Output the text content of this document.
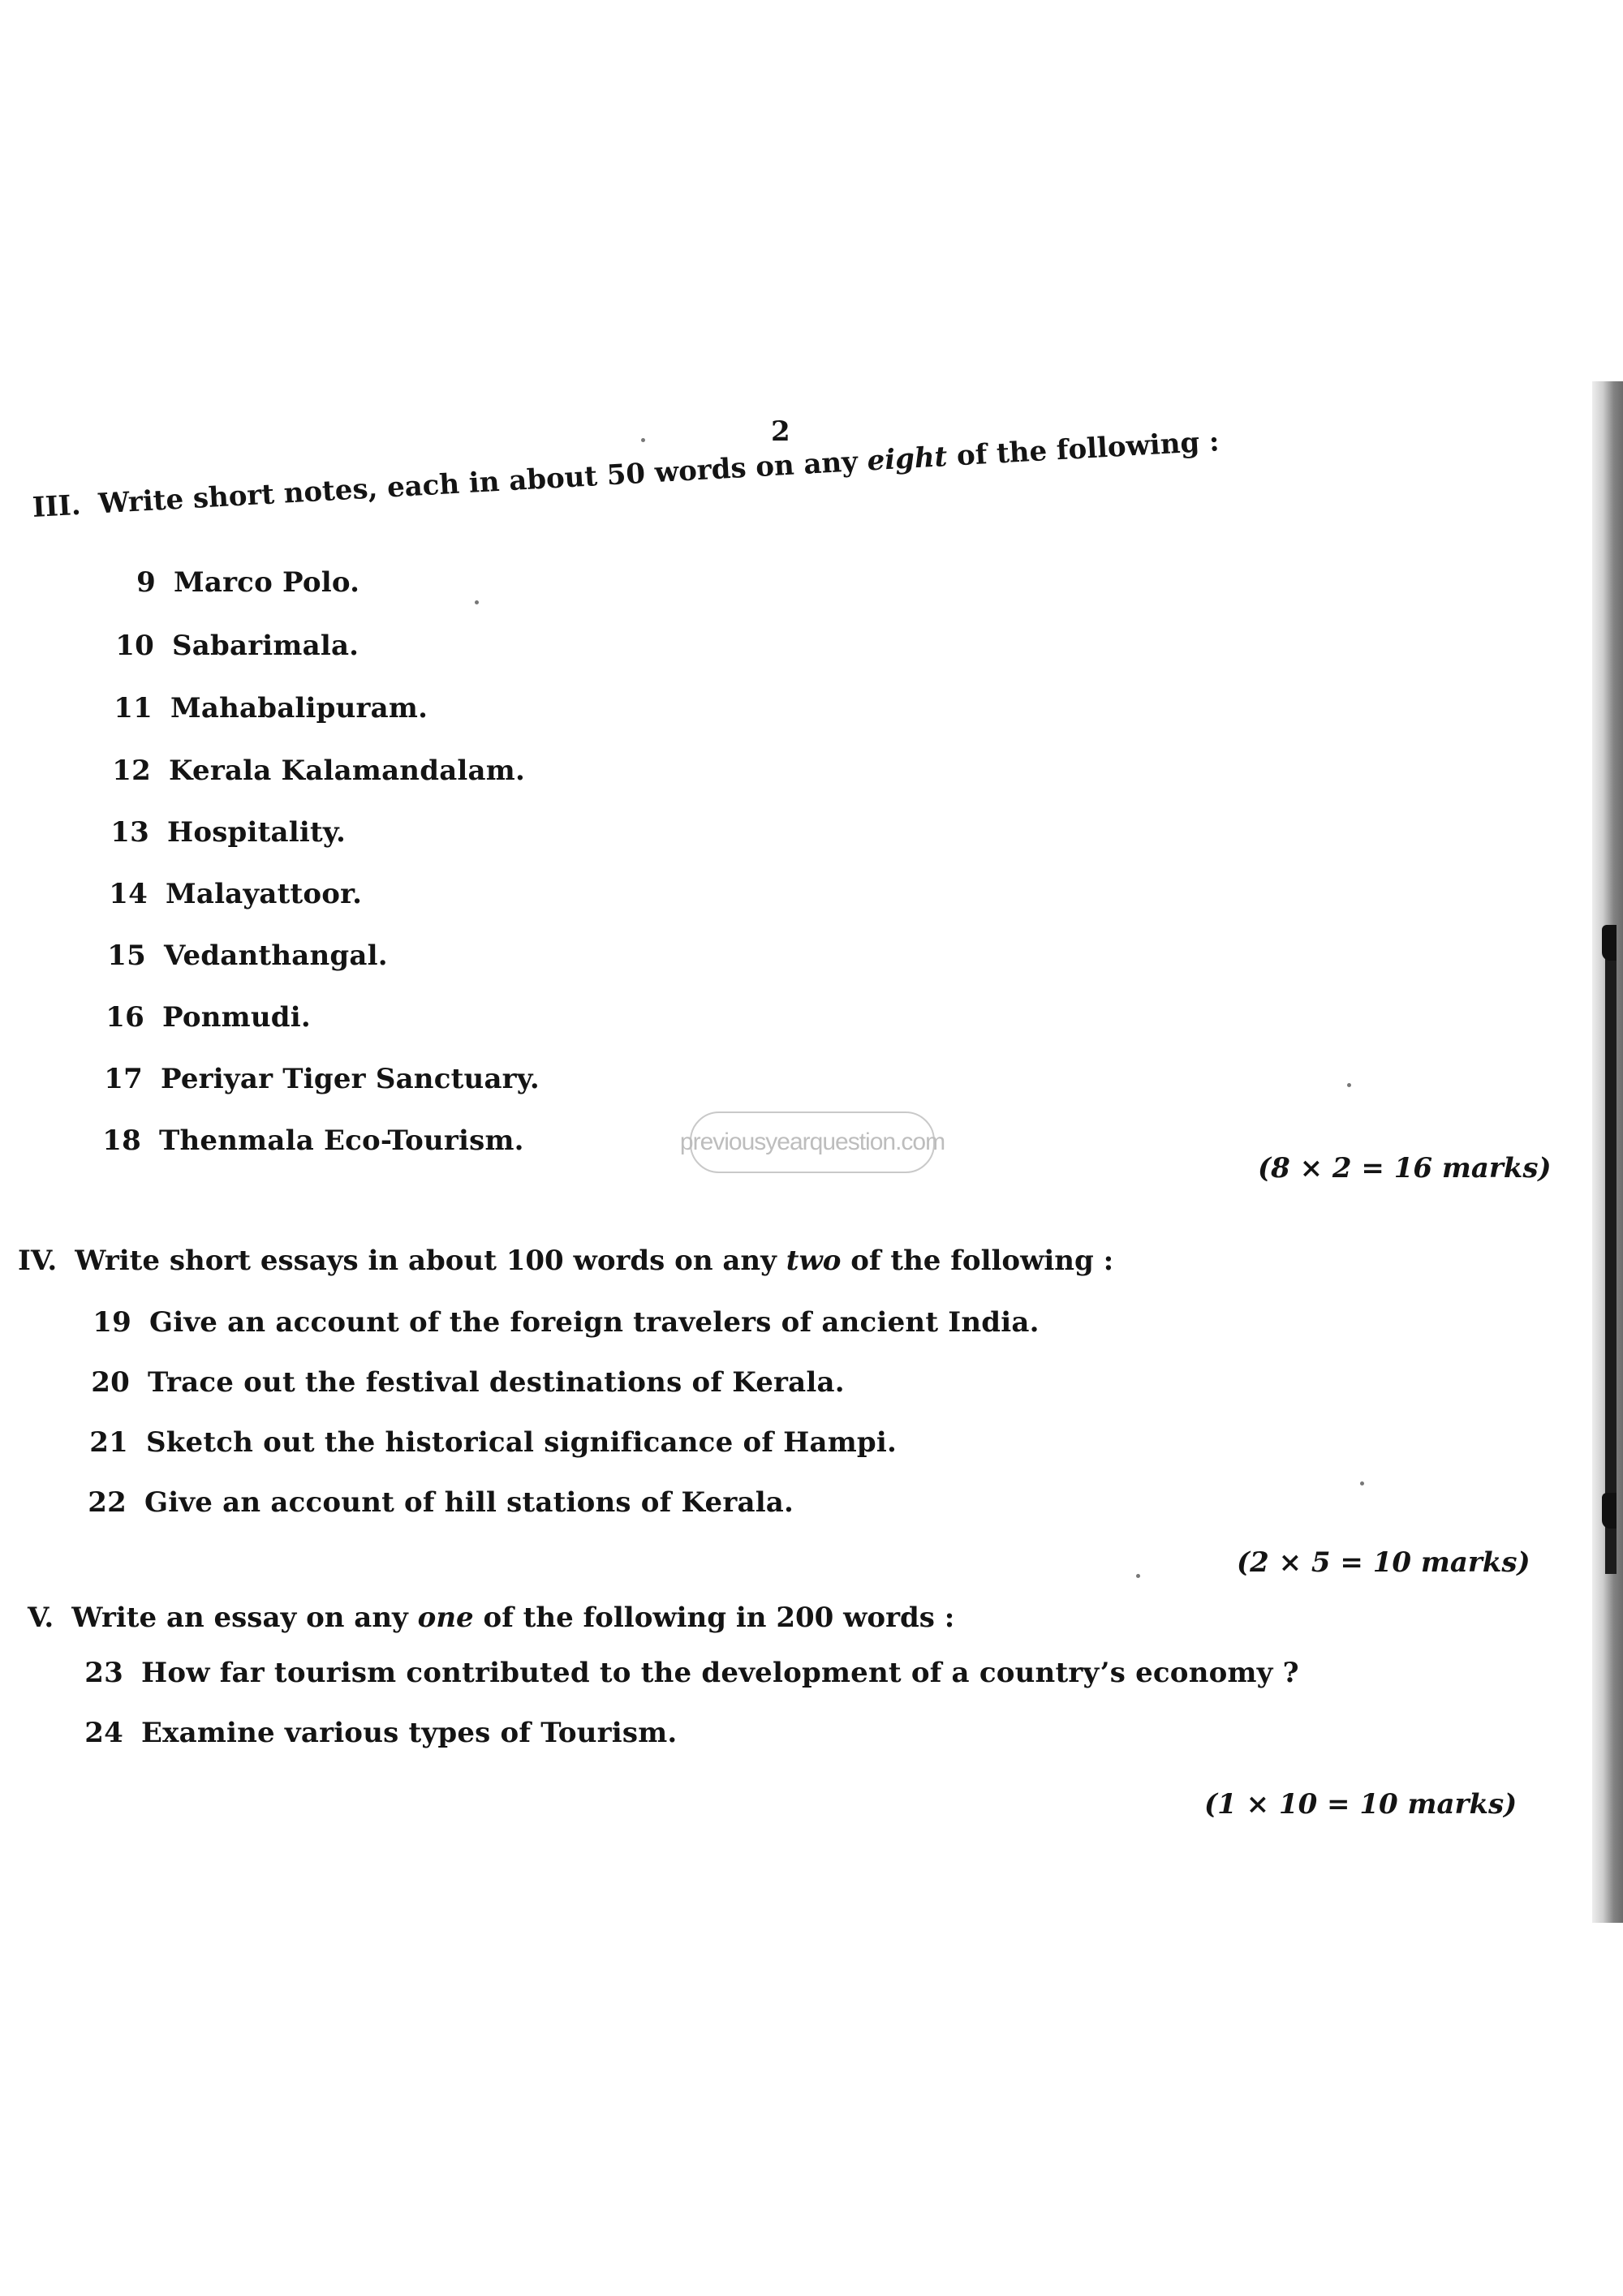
2
III. Write short notes, each in about 50 words on any eight of the following :
9 Marco Polo.
10 Sabarimala.
11 Mahabalipuram.
12 Kerala Kalamandalam.
13 Hospitality.
14 Malayattoor.
15 Vedanthangal.
16 Ponmudi.
17 Periyar Tiger Sanctuary.
18 Thenmala Eco-Tourism.	previousyearquestion.com
(8 × 2 = 16 marks)
IV. Write short essays in about 100 words on any two of the following :
19 Give an account of the foreign travelers of ancient India.
20 Trace out the festival destinations of Kerala.
21 Sketch out the historical significance of Hampi.
22 Give an account of hill stations of Kerala.
(2 × 5 = 10 marks)
V. Write an essay on any one of the following in 200 words :
23 How far tourism contributed to the development of a country’s economy ?
24 Examine various types of Tourism.
(1 × 10 = 10 marks)
